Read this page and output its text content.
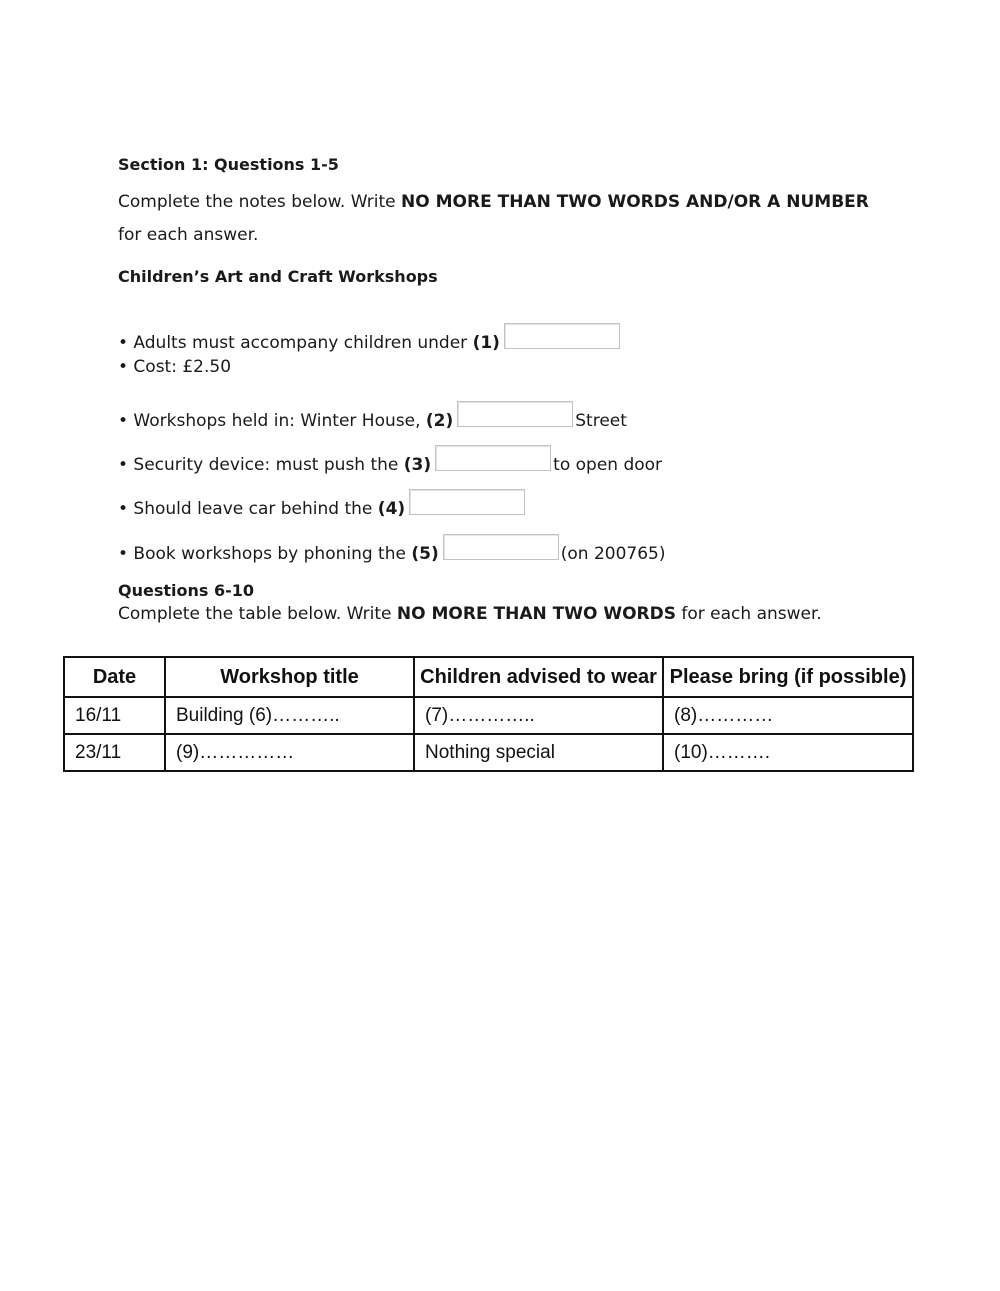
Section 1: Questions 1-5
Complete the notes below. Write NO MORE THAN TWO WORDS AND/OR A NUMBER for each answer.
Children’s Art and Craft Workshops
• Adults must accompany children under (1)
• Cost: £2.50
• Workshops held in: Winter House, (2)	Street
• Security device: must push the (3)	to open door
• Should leave car behind the (4)
• Book workshops by phoning the (5)	(on 200765)
Questions 6-10
Complete the table below. Write NO MORE THAN TWO WORDS for each answer.
Date	Workshop title	Children advised to wear	Please bring (if possible)
16/11	Building (6)………..	(7)…………..	(8)…………
23/11	(9)……………	Nothing special	(10)……….
